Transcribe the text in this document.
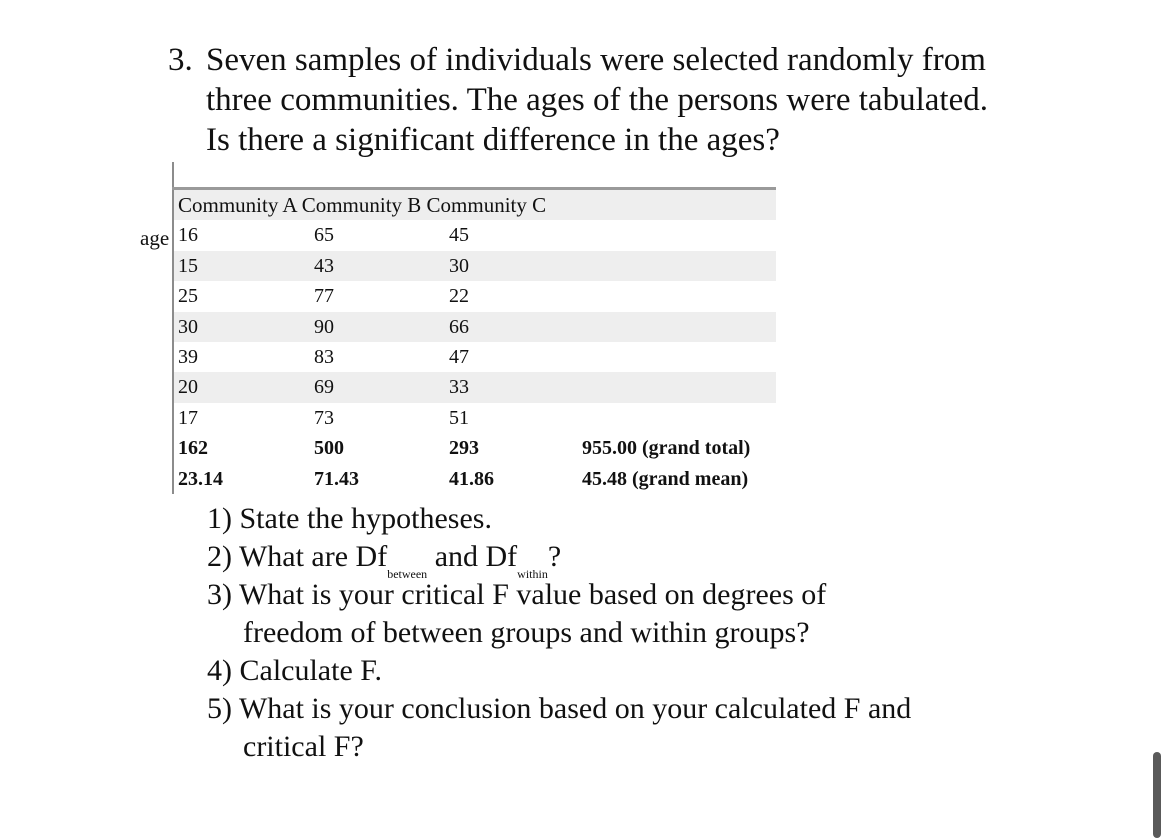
3. Seven samples of individuals were selected randomly from
three communities. The ages of the persons were tabulated.
Is there a significant difference in the ages?
age
Community A Community B Community C
16	65	45
15	43	30
25	77	22
30	90	66
39	83	47
20	69	33
17	73	51
162	500	293	955.00 (grand total)
23.14	71.43	41.86	45.48 (grand mean)
1) State the hypotheses.
2) What are $Df_{between}$ and $Df_{within}$?
3) What is your critical F value based on degrees of
freedom of between groups and within groups?
4) Calculate F.
5) What is your conclusion based on your calculated F and
critical F?
